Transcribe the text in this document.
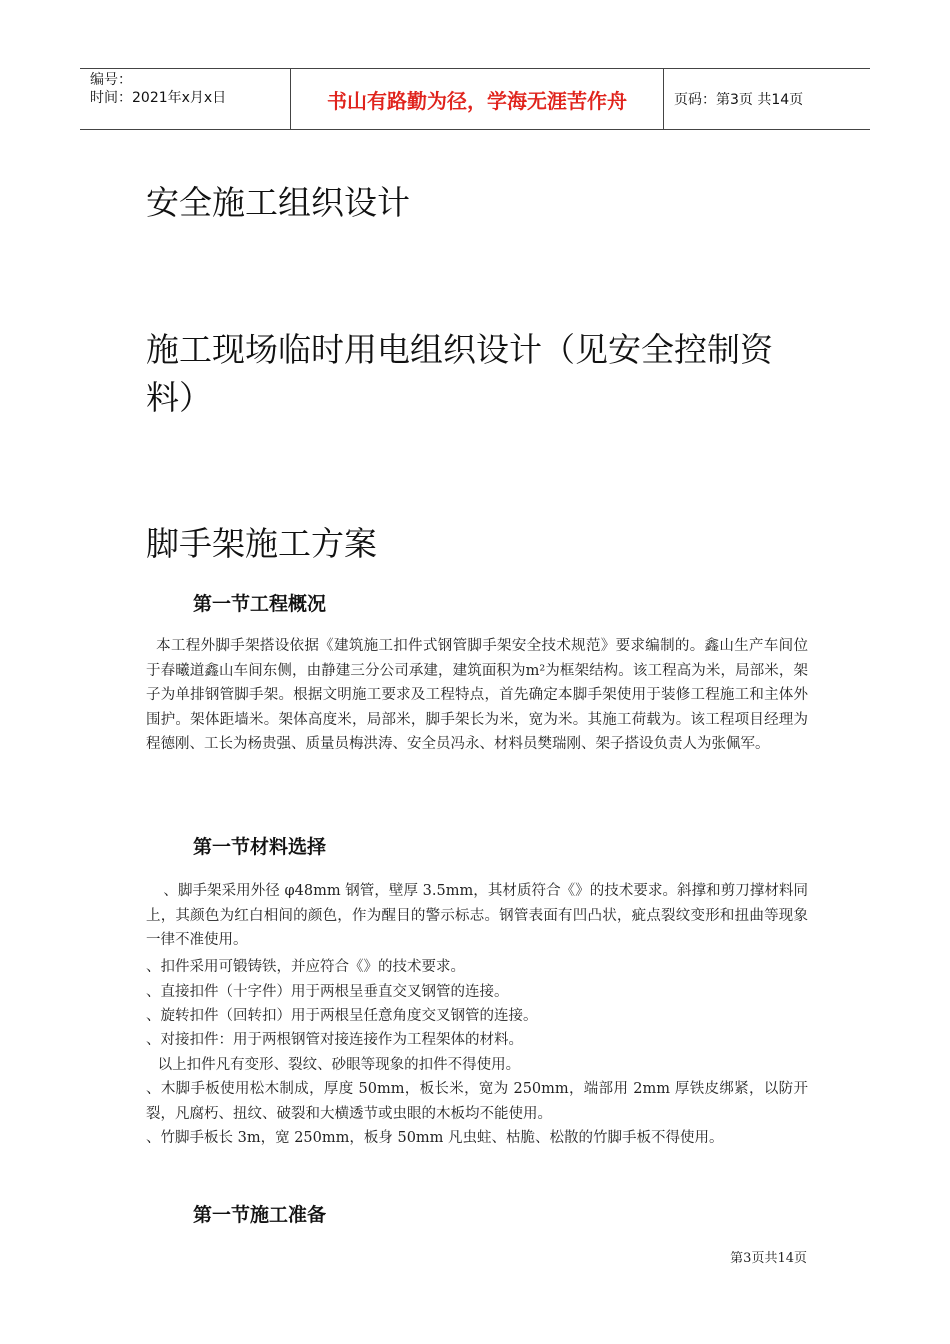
编号：
时间：2021年x月x日	书山有路勤为径，学海无涯苦作舟	页码：第3页 共14页
安全施工组织设计
施工现场临时用电组织设计（见安全控制资料）
脚手架施工方案
第一节工程概况

本工程外脚手架搭设依据《建筑施工扣件式钢管脚手架安全技术规范》要求编制的。鑫山生产车间位于春曦道鑫山车间东侧，由静建三分公司承建，建筑面积为m²为框架结构。该工程高为米，局部米，架子为单排钢管脚手架。根据文明施工要求及工程特点，首先确定本脚手架使用于装修工程施工和主体外围护。架体距墙米。架体高度米，局部米，脚手架长为米，宽为米。其施工荷载为。该工程项目经理为程德刚、工长为杨贵强、质量员梅洪涛、安全员冯永、材料员樊瑞刚、架子搭设负责人为张佩军。

第一节材料选择

、脚手架采用外径 φ48mm 钢管，壁厚 3.5mm，其材质符合《》的技术要求。斜撑和剪刀撑材料同上，其颜色为红白相间的颜色，作为醒目的警示标志。钢管表面有凹凸状，疵点裂纹变形和扭曲等现象一律不准使用。

、扣件采用可锻铸铁，并应符合《》的技术要求。

、直接扣件（十字件）用于两根呈垂直交叉钢管的连接。

、旋转扣件（回转扣）用于两根呈任意角度交叉钢管的连接。

、对接扣件：用于两根钢管对接连接作为工程架体的材料。

以上扣件凡有变形、裂纹、砂眼等现象的扣件不得使用。

、木脚手板使用松木制成，厚度 50mm，板长米，宽为 250mm，端部用 2mm 厚铁皮绑紧，以防开裂，凡腐朽、扭纹、破裂和大横透节或虫眼的木板均不能使用。

、竹脚手板长 3m，宽 250mm，板身 50mm 凡虫蛀、枯脆、松散的竹脚手板不得使用。

第一节施工准备
第3页共14页
